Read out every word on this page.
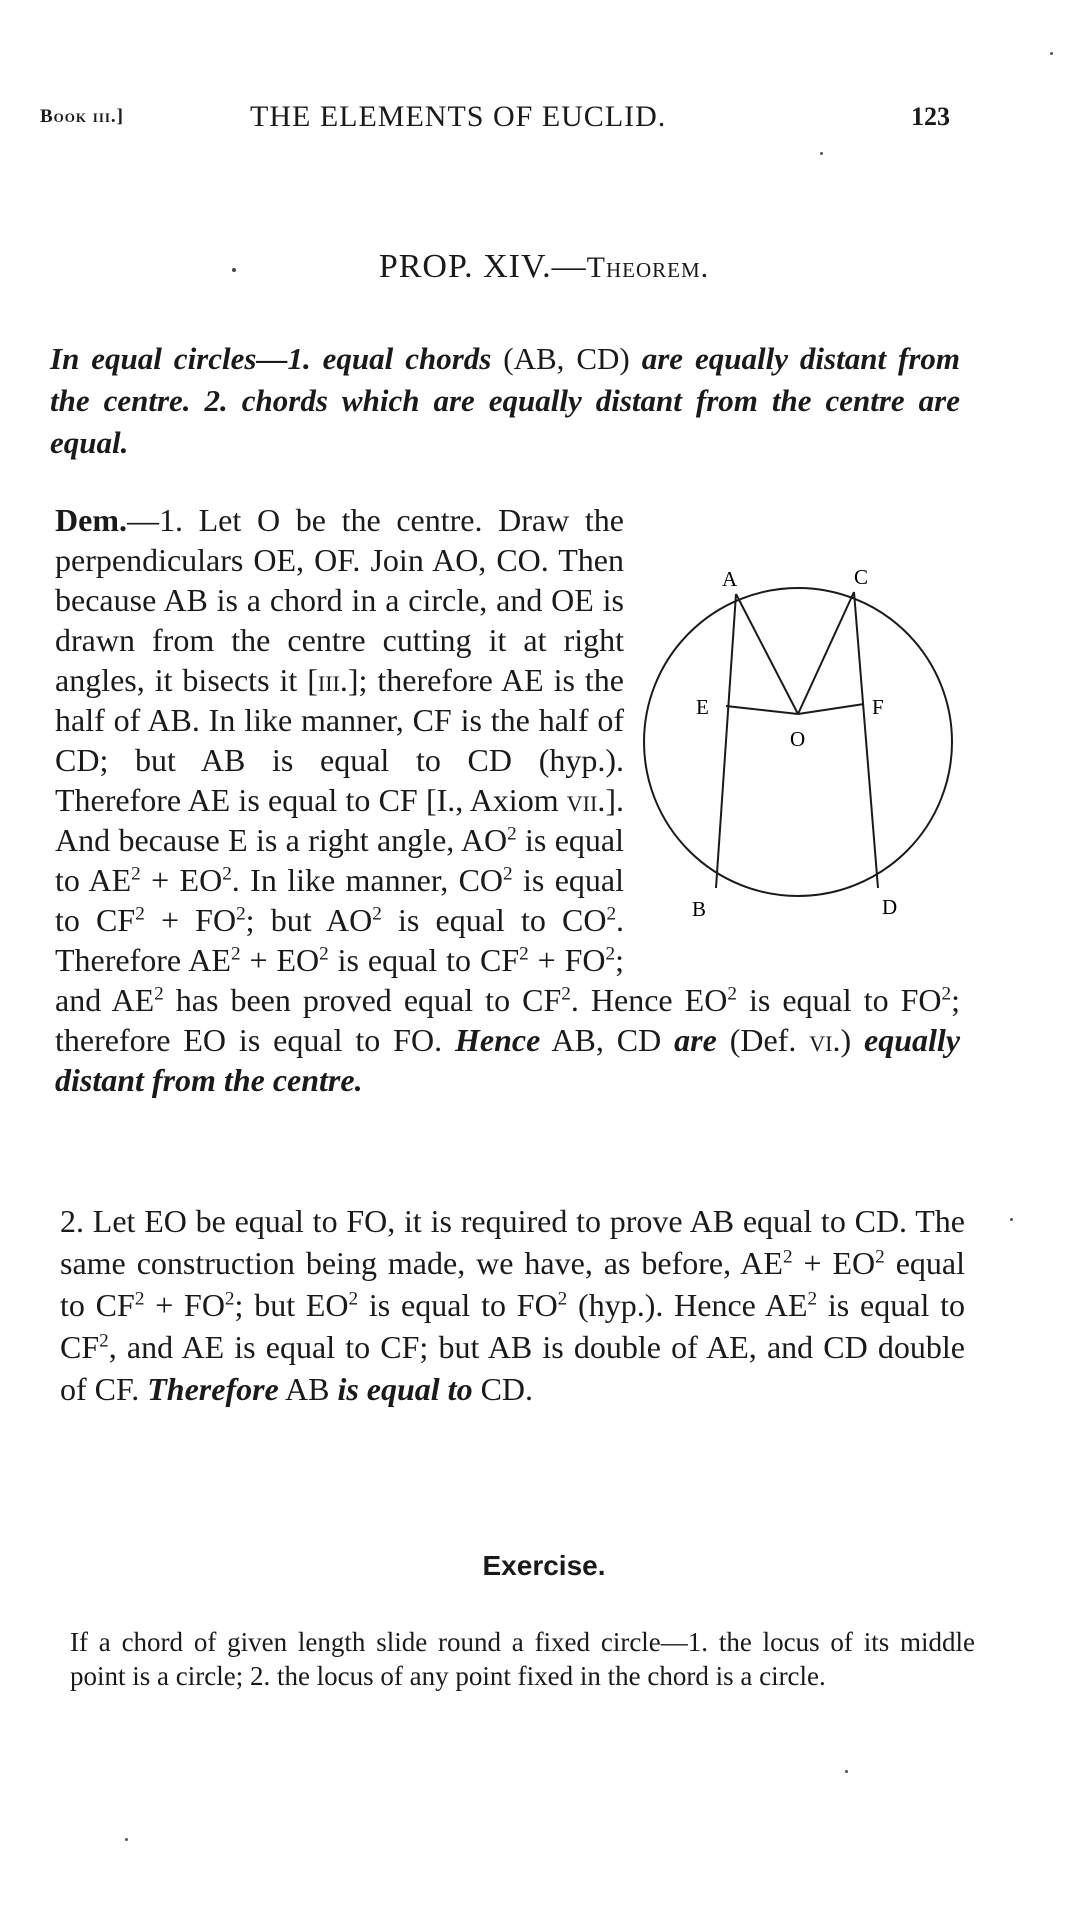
Book iii.]	THE ELEMENTS OF EUCLID.	123
PROP. XIV.—Theorem.
In equal circles—1. equal chords (AB, CD) are equally distant from the centre. 2. chords which are equally distant from the centre are equal.
A	C
E	F
O
B	D
Dem.—1. Let O be the centre. Draw the perpendiculars OE, OF. Join AO, CO. Then because AB is a chord in a circle, and OE is drawn from the centre cutting it at right angles, it bisects it [iii.]; therefore AE is the half of AB. In like manner, CF is the half of CD; but AB is equal to CD (hyp.). Therefore AE is equal to CF [I., Axiom vii.]. And because E is a right angle, $AO^2$ is equal to $AE^2 + EO^2$. In like manner, $CO^2$ is equal to $CF^2 + FO^2$; but $AO^2$ is equal to $CO^2$. Therefore $AE^2 + EO^2$ is equal to $CF^2 + FO^2$; and $AE^2$ has been proved equal to $CF^2$. Hence $EO^2$ is equal to $FO^2$; therefore EO is equal to FO. Hence AB, CD are (Def. vi.) equally distant from the centre.
2. Let EO be equal to FO, it is required to prove AB equal to CD. The same construction being made, we have, as before, $AE^2 + EO^2$ equal to $CF^2 + FO^2$; but $EO^2$ is equal to $FO^2$ (hyp.). Hence $AE^2$ is equal to $CF^2$, and AE is equal to CF; but AB is double of AE, and CD double of CF. Therefore AB is equal to CD.
Exercise.
If a chord of given length slide round a fixed circle—1. the locus of its middle point is a circle; 2. the locus of any point fixed in the chord is a circle.
